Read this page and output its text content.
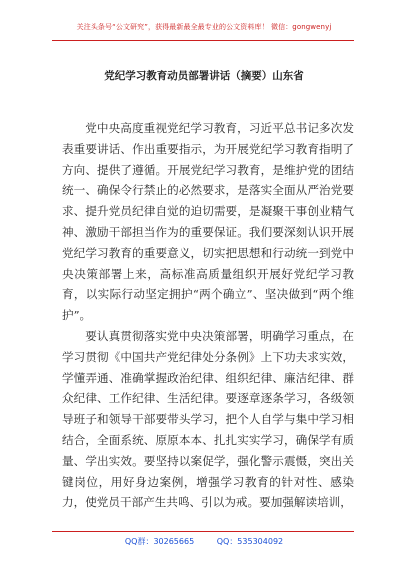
关注头条号“公文研究”，获得最新最全最专业的公文资料库！ 微信：gongwenyj
党纪学习教育动员部署讲话（摘要）山东省

党中央高度重视党纪学习教育，习近平总书记多次发表重要讲话、作出重要指示，为开展党纪学习教育指明了方向、提供了遵循。开展党纪学习教育，是维护党的团结统一、确保令行禁止的必然要求，是落实全面从严治党要求、提升党员纪律自觉的迫切需要，是凝聚干事创业精气神、激励干部担当作为的重要保证。我们要深刻认识开展党纪学习教育的重要意义，切实把思想和行动统一到党中央决策部署上来，高标准高质量组织开展好党纪学习教育，以实际行动坚定拥护“两个确立”、坚决做到“两个维护”。

要认真贯彻落实党中央决策部署，明确学习重点，在学习贯彻《中国共产党纪律处分条例》上下功夫求实效，学懂弄通、准确掌握政治纪律、组织纪律、廉洁纪律、群众纪律、工作纪律、生活纪律。要逐章逐条学习，各级领导班子和领导干部要带头学习，把个人自学与集中学习相结合，全面系统、原原本本、扎扎实实学习，确保学有质量、学出实效。要坚持以案促学，强化警示震慑，突出关键岗位，用好身边案例，增强学习教育的针对性、感染力，使党员干部产生共鸣、引以为戒。要加强解读培训，

QQ群：30265665	QQ：535304092
